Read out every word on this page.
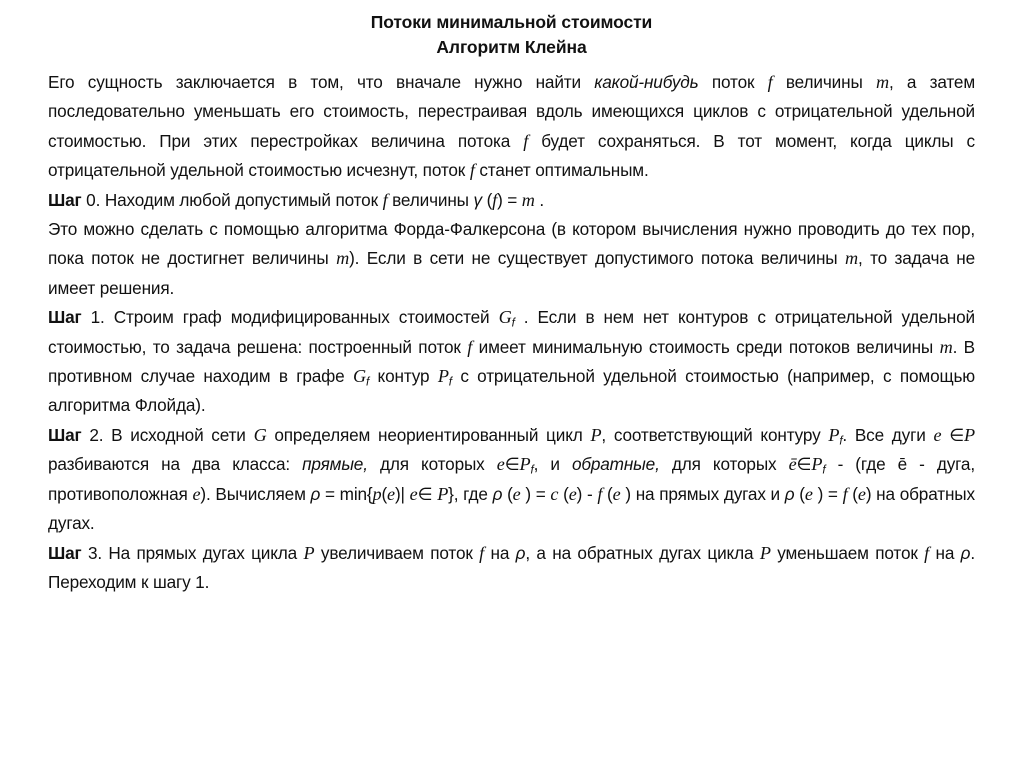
Потоки минимальной стоимости
Алгоритм Клейна

Его сущность заключается в том, что вначале нужно найти какой-нибудь поток f величины m, а затем последовательно уменьшать его стоимость, перестраивая вдоль имеющихся циклов с отрицательной удельной стоимостью. При этих перестройках величина потока f будет сохраняться. В тот момент, когда циклы с отрицательной удельной стоимостью исчезнут, поток f станет оптимальным.

Шаг 0. Находим любой допустимый поток f величины γ (f) = m .

Это можно сделать с помощью алгоритма Форда-Фалкерсона (в котором вычисления нужно проводить до тех пор, пока поток не достигнет величины m). Если в сети не существует допустимого потока величины m, то задача не имеет решения.

Шаг 1. Строим граф модифицированных стоимостей $G_f$ . Если в нем нет контуров с отрицательной удельной стоимостью, то задача решена: построенный поток f имеет минимальную стоимость среди потоков величины m. В противном случае находим в графе $G_f$ контур $P_f$ с отрицательной удельной стоимостью (например, с помощью алгоритма Флойда).

Шаг 2. В исходной сети G определяем неориентированный цикл P, соответствующий контуру $P_f$. Все дуги e ∈P разбиваются на два класса: прямые, для которых $e\in P_f$, и обратные, для которых $ē\in P_f - (где$ ē - дуга, противоположная e). Вычисляем ρ = min{p(e)| e∈ P}, где ρ (e ) = c (e) - f (e ) на прямых дугах и ρ (e ) = f (e) на обратных дугах.

Шаг 3. На прямых дугах цикла P увеличиваем поток f на ρ, а на обратных дугах цикла P уменьшаем поток f на ρ. Переходим к шагу 1.
